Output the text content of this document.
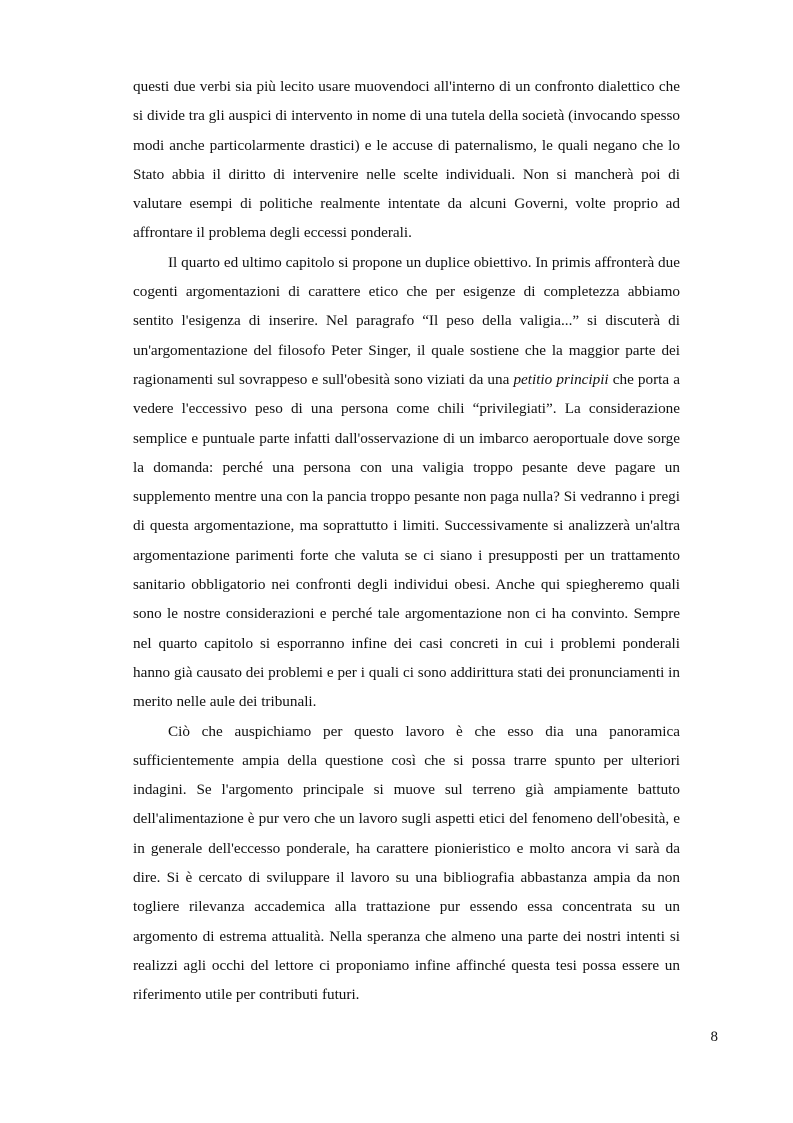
questi due verbi sia più lecito usare muovendoci all'interno di un confronto dialettico che si divide tra gli auspici di intervento in nome di una tutela della società (invocando spesso modi anche particolarmente drastici) e le accuse di paternalismo, le quali negano che lo Stato abbia il diritto di intervenire nelle scelte individuali. Non si mancherà poi di valutare esempi di politiche realmente intentate da alcuni Governi, volte proprio ad affrontare il problema degli eccessi ponderali.

Il quarto ed ultimo capitolo si propone un duplice obiettivo. In primis affronterà due cogenti argomentazioni di carattere etico che per esigenze di completezza abbiamo sentito l'esigenza di inserire. Nel paragrafo “Il peso della valigia...” si discuterà di un'argomentazione del filosofo Peter Singer, il quale sostiene che la maggior parte dei ragionamenti sul sovrappeso e sull'obesità sono viziati da una petitio principii che porta a vedere l'eccessivo peso di una persona come chili “privilegiati”. La considerazione semplice e puntuale parte infatti dall'osservazione di un imbarco aeroportuale dove sorge la domanda: perché una persona con una valigia troppo pesante deve pagare un supplemento mentre una con la pancia troppo pesante non paga nulla? Si vedranno i pregi di questa argomentazione, ma soprattutto i limiti. Successivamente si analizzerà un'altra argomentazione parimenti forte che valuta se ci siano i presupposti per un trattamento sanitario obbligatorio nei confronti degli individui obesi. Anche qui spiegheremo quali sono le nostre considerazioni e perché tale argomentazione non ci ha convinto. Sempre nel quarto capitolo si esporranno infine dei casi concreti in cui i problemi ponderali hanno già causato dei problemi e per i quali ci sono addirittura stati dei pronunciamenti in merito nelle aule dei tribunali.

Ciò che auspichiamo per questo lavoro è che esso dia una panoramica sufficientemente ampia della questione così che si possa trarre spunto per ulteriori indagini. Se l'argomento principale si muove sul terreno già ampiamente battuto dell'alimentazione è pur vero che un lavoro sugli aspetti etici del fenomeno dell'obesità, e in generale dell'eccesso ponderale, ha carattere pionieristico e molto ancora vi sarà da dire. Si è cercato di sviluppare il lavoro su una bibliografia abbastanza ampia da non togliere rilevanza accademica alla trattazione pur essendo essa concentrata su un argomento di estrema attualità. Nella speranza che almeno una parte dei nostri intenti si realizzi agli occhi del lettore ci proponiamo infine affinché questa tesi possa essere un riferimento utile per contributi futuri.

8
